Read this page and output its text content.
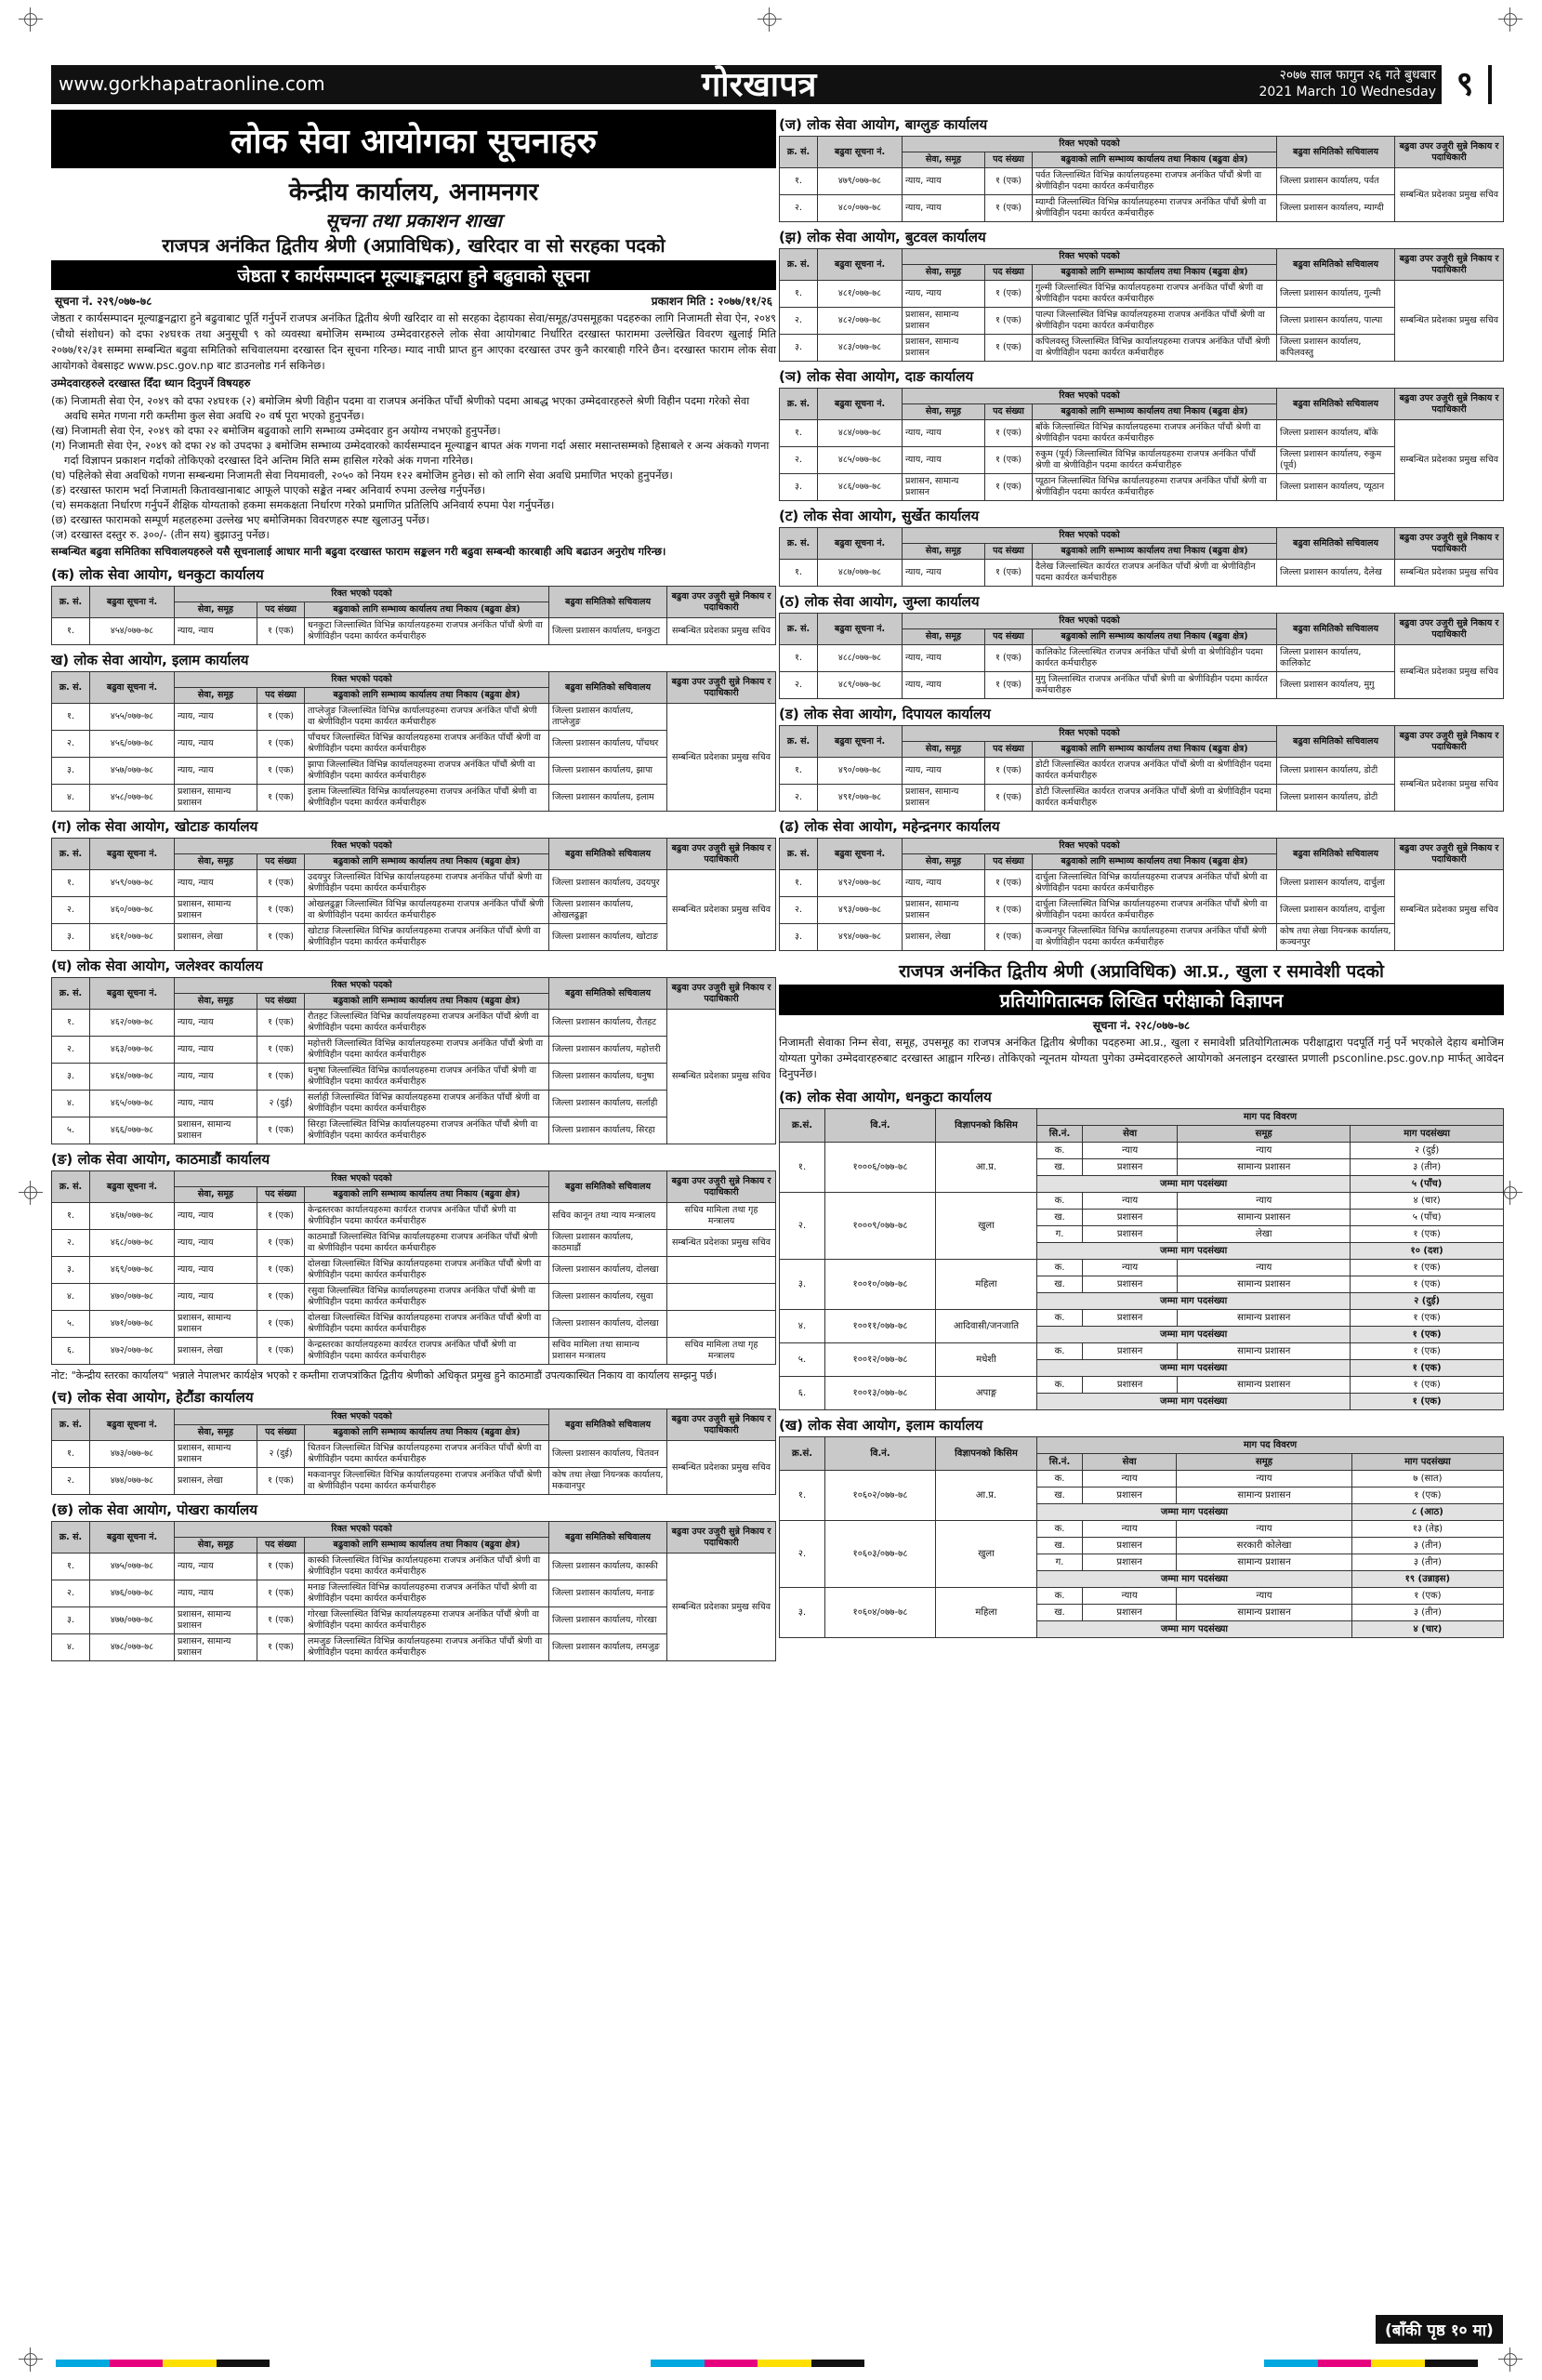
www.gorkhapatraonline.com	गोरखापत्र	२०७७ साल फागुन २६ गते बुधबार
2021 March 10 Wednesday ९
लोक सेवा आयोगका सूचनाहरु
केन्द्रीय कार्यालय, अनामनगर
सूचना तथा प्रकाशन शाखा
राजपत्र अनंकित द्वितीय श्रेणी (अप्राविधिक), खरिदार वा सो सरहका पदको
जेष्ठता र कार्यसम्पादन मूल्याङ्कनद्वारा हुने बढुवाको सूचना
सूचना नं. २२९/०७७-७८	प्रकाशन मिति : २०७७/११/२६
जेष्ठता र कार्यसम्पादन मूल्याङ्कनद्वारा हुने बढुवाबाट पूर्ति गर्नुपर्ने राजपत्र अनंकित द्वितीय श्रेणी खरिदार वा सो सरहका देहायका सेवा/समूह/उपसमूहका पदहरुका लागि निजामती सेवा ऐन, २०४९ (चौथो संशोधन) को दफा २४घ१क तथा अनुसूची ९ को व्यवस्था बमोजिम सम्भाव्य उम्मेदवारहरुले लोक सेवा आयोगबाट निर्धारित दरखास्त फाराममा उल्लेखित विवरण खुलाई मिति २०७७/१२/३१ सम्ममा सम्बन्धित बढुवा समितिको सचिवालयमा दरखास्त दिन सूचना गरिन्छ। म्याद नाघी प्राप्त हुन आएका दरखास्त उपर कुनै कारबाही गरिने छैन। दरखास्त फाराम लोक सेवा आयोगको वेबसाइट www.psc.gov.np बाट डाउनलोड गर्न सकिनेछ।
उम्मेदवारहरुले दरखास्त दिँदा ध्यान दिनुपर्ने विषयहरु
(क) निजामती सेवा ऐन, २०४९ को दफा २४घ१क (२) बमोजिम श्रेणी विहीन पदमा वा राजपत्र अनंकित पाँचौं श्रेणीको पदमा आबद्ध भएका उम्मेदवारहरुले श्रेणी विहीन पदमा गरेको सेवा अवधि समेत गणना गरी कम्तीमा कुल सेवा अवधि २० वर्ष पूरा भएको हुनुपर्नेछ।
(ख) निजामती सेवा ऐन, २०४९ को दफा २२ बमोजिम बढुवाको लागि सम्भाव्य उम्मेदवार हुन अयोग्य नभएको हुनुपर्नेछ।
(ग) निजामती सेवा ऐन, २०४९ को दफा २४ को उपदफा ३ बमोजिम सम्भाव्य उम्मेदवारको कार्यसम्पादन मूल्याङ्कन बापत अंक गणना गर्दा असार मसान्तसम्मको हिसाबले र अन्य अंकको गणना गर्दा विज्ञापन प्रकाशन गर्दाको तोकिएको दरखास्त दिने अन्तिम मिति सम्म हासिल गरेको अंक गणना गरिनेछ।
(घ) पहिलेको सेवा अवधिको गणना सम्बन्धमा निजामती सेवा नियमावली, २०५० को नियम १२२ बमोजिम हुनेछ। सो को लागि सेवा अवधि प्रमाणित भएको हुनुपर्नेछ।
(ङ) दरखास्त फाराम भर्दा निजामती कितावखानाबाट आफूले पाएको सङ्केत नम्बर अनिवार्य रुपमा उल्लेख गर्नुपर्नेछ।
(च) समकक्षता निर्धारण गर्नुपर्ने शैक्षिक योग्यताको हकमा समकक्षता निर्धारण गरेको प्रमाणित प्रतिलिपि अनिवार्य रुपमा पेश गर्नुपर्नेछ।
(छ) दरखास्त फारामको सम्पूर्ण महलहरुमा उल्लेख भए बमोजिमका विवरणहरु स्पष्ट खुलाउनु पर्नेछ।
(ज) दरखास्त दस्तुर रु. ३००/- (तीन सय) बुझाउनु पर्नेछ।
सम्बन्धित बढुवा समितिका सचिवालयहरुले यसै सूचनालाई आधार मानी बढुवा दरखास्त फाराम सङ्कलन गरी बढुवा सम्बन्धी कारबाही अघि बढाउन अनुरोध गरिन्छ।
(क) लोक सेवा आयोग, धनकुटा कार्यालय
क्र. सं.	बढुवा सूचना नं.	रिक्त भएको पदको			बढुवा समितिको सचिवालय	बढुवा उपर उजुरी सुन्ने निकाय र पदाधिकारी
		सेवा, समूह	पद संख्या	बढुवाको लागि सम्भाव्य कार्यालय तथा निकाय (बढुवा क्षेत्र)		
१.	४५४/०७७-७८	न्याय, न्याय	१ (एक)	धनकुटा जिल्लास्थित विभिन्न कार्यालयहरुमा राजपत्र अनंकित पाँचौं श्रेणी वा श्रेणीविहीन पदमा कार्यरत कर्मचारीहरु	जिल्ला प्रशासन कार्यालय, धनकुटा	सम्बन्धित प्रदेशका प्रमुख सचिव
ख) लोक सेवा आयोग, इलाम कार्यालय
क्र. सं.	बढुवा सूचना नं.	रिक्त भएको पदको			बढुवा समितिको सचिवालय	बढुवा उपर उजुरी सुन्ने निकाय र पदाधिकारी
		सेवा, समूह	पद संख्या	बढुवाको लागि सम्भाव्य कार्यालय तथा निकाय (बढुवा क्षेत्र)		
१.	४५५/०७७-७८	न्याय, न्याय	१ (एक)	ताप्लेजुङ जिल्लास्थित विभिन्न कार्यालयहरुमा राजपत्र अनंकित पाँचौं श्रेणी वा श्रेणीविहीन पदमा कार्यरत कर्मचारीहरु	जिल्ला प्रशासन कार्यालय, ताप्लेजुङ	सम्बन्धित प्रदेशका प्रमुख सचिव
२.	४५६/०७७-७८	न्याय, न्याय	१ (एक)	पाँचथर जिल्लास्थित विभिन्न कार्यालयहरुमा राजपत्र अनंकित पाँचौं श्रेणी वा श्रेणीविहीन पदमा कार्यरत कर्मचारीहरु	जिल्ला प्रशासन कार्यालय, पाँचथर	
३.	४५७/०७७-७८	न्याय, न्याय	१ (एक)	झापा जिल्लास्थित विभिन्न कार्यालयहरुमा राजपत्र अनंकित पाँचौं श्रेणी वा श्रेणीविहीन पदमा कार्यरत कर्मचारीहरु	जिल्ला प्रशासन कार्यालय, झापा	
४.	४५८/०७७-७८	प्रशासन, सामान्य प्रशासन	१ (एक)	इलाम जिल्लास्थित विभिन्न कार्यालयहरुमा राजपत्र अनंकित पाँचौं श्रेणी वा श्रेणीविहीन पदमा कार्यरत कर्मचारीहरु	जिल्ला प्रशासन कार्यालय, इलाम	
(ग) लोक सेवा आयोग, खोटाङ कार्यालय
क्र. सं.	बढुवा सूचना नं.	रिक्त भएको पदको			बढुवा समितिको सचिवालय	बढुवा उपर उजुरी सुन्ने निकाय र पदाधिकारी
		सेवा, समूह	पद संख्या	बढुवाको लागि सम्भाव्य कार्यालय तथा निकाय (बढुवा क्षेत्र)		
१.	४५९/०७७-७८	न्याय, न्याय	१ (एक)	उदयपुर जिल्लास्थित विभिन्न कार्यालयहरुमा राजपत्र अनंकित पाँचौं श्रेणी वा श्रेणीविहीन पदमा कार्यरत कर्मचारीहरु	जिल्ला प्रशासन कार्यालय, उदयपुर	सम्बन्धित प्रदेशका प्रमुख सचिव
२.	४६०/०७७-७८	प्रशासन, सामान्य प्रशासन	१ (एक)	ओखलढुङ्गा जिल्लास्थित विभिन्न कार्यालयहरुमा राजपत्र अनंकित पाँचौं श्रेणी वा श्रेणीविहीन पदमा कार्यरत कर्मचारीहरु	जिल्ला प्रशासन कार्यालय, ओखलढुङ्गा	
३.	४६१/०७७-७८	प्रशासन, लेखा	१ (एक)	खोटाङ जिल्लास्थित विभिन्न कार्यालयहरुमा राजपत्र अनंकित पाँचौं श्रेणी वा श्रेणीविहीन पदमा कार्यरत कर्मचारीहरु	जिल्ला प्रशासन कार्यालय, खोटाङ	
(घ) लोक सेवा आयोग, जलेश्वर कार्यालय
क्र. सं.	बढुवा सूचना नं.	रिक्त भएको पदको			बढुवा समितिको सचिवालय	बढुवा उपर उजुरी सुन्ने निकाय र पदाधिकारी
		सेवा, समूह	पद संख्या	बढुवाको लागि सम्भाव्य कार्यालय तथा निकाय (बढुवा क्षेत्र)		
१.	४६२/०७७-७८	न्याय, न्याय	१ (एक)	रौतहट जिल्लास्थित विभिन्न कार्यालयहरुमा राजपत्र अनंकित पाँचौं श्रेणी वा श्रेणीविहीन पदमा कार्यरत कर्मचारीहरु	जिल्ला प्रशासन कार्यालय, रौतहट	सम्बन्धित प्रदेशका प्रमुख सचिव
२.	४६३/०७७-७८	न्याय, न्याय	१ (एक)	महोत्तरी जिल्लास्थित विभिन्न कार्यालयहरुमा राजपत्र अनंकित पाँचौं श्रेणी वा श्रेणीविहीन पदमा कार्यरत कर्मचारीहरु	जिल्ला प्रशासन कार्यालय, महोत्तरी	
३.	४६४/०७७-७८	न्याय, न्याय	१ (एक)	धनुषा जिल्लास्थित विभिन्न कार्यालयहरुमा राजपत्र अनंकित पाँचौं श्रेणी वा श्रेणीविहीन पदमा कार्यरत कर्मचारीहरु	जिल्ला प्रशासन कार्यालय, धनुषा	
४.	४६५/०७७-७८	न्याय, न्याय	२ (दुई)	सर्लाही जिल्लास्थित विभिन्न कार्यालयहरुमा राजपत्र अनंकित पाँचौं श्रेणी वा श्रेणीविहीन पदमा कार्यरत कर्मचारीहरु	जिल्ला प्रशासन कार्यालय, सर्लाही	
५.	४६६/०७७-७८	प्रशासन, सामान्य प्रशासन	१ (एक)	सिरहा जिल्लास्थित विभिन्न कार्यालयहरुमा राजपत्र अनंकित पाँचौं श्रेणी वा श्रेणीविहीन पदमा कार्यरत कर्मचारीहरु	जिल्ला प्रशासन कार्यालय, सिरहा	
(ङ) लोक सेवा आयोग, काठमाडौं कार्यालय
क्र. सं.	बढुवा सूचना नं.	रिक्त भएको पदको			बढुवा समितिको सचिवालय	बढुवा उपर उजुरी सुन्ने निकाय र पदाधिकारी
		सेवा, समूह	पद संख्या	बढुवाको लागि सम्भाव्य कार्यालय तथा निकाय (बढुवा क्षेत्र)		
१.	४६७/०७७-७८	न्याय, न्याय	१ (एक)	केन्द्रस्तरका कार्यालयहरुमा कार्यरत राजपत्र अनंकित पाँचौं श्रेणी वा श्रेणीविहीन पदमा कार्यरत कर्मचारीहरु	सचिव कानून तथा न्याय मन्त्रालय	सचिव मामिला तथा गृह मन्त्रालय
२.	४६८/०७७-७८	न्याय, न्याय	१ (एक)	काठमाडौं जिल्लास्थित विभिन्न कार्यालयहरुमा राजपत्र अनंकित पाँचौं श्रेणी वा श्रेणीविहीन पदमा कार्यरत कर्मचारीहरु	जिल्ला प्रशासन कार्यालय, काठमाडौं	सम्बन्धित प्रदेशका प्रमुख सचिव
३.	४६९/०७७-७८	न्याय, न्याय	१ (एक)	दोलखा जिल्लास्थित विभिन्न कार्यालयहरुमा राजपत्र अनंकित पाँचौं श्रेणी वा श्रेणीविहीन पदमा कार्यरत कर्मचारीहरु	जिल्ला प्रशासन कार्यालय, दोलखा	
४.	४७०/०७७-७८	न्याय, न्याय	१ (एक)	रसुवा जिल्लास्थित विभिन्न कार्यालयहरुमा राजपत्र अनंकित पाँचौं श्रेणी वा श्रेणीविहीन पदमा कार्यरत कर्मचारीहरु	जिल्ला प्रशासन कार्यालय, रसुवा	
५.	४७१/०७७-७८	प्रशासन, सामान्य प्रशासन	१ (एक)	दोलखा जिल्लास्थित विभिन्न कार्यालयहरुमा राजपत्र अनंकित पाँचौं श्रेणी वा श्रेणीविहीन पदमा कार्यरत कर्मचारीहरु	जिल्ला प्रशासन कार्यालय, दोलखा	
६.	४७२/०७७-७८	प्रशासन, लेखा	१ (एक)	केन्द्रस्तरका कार्यालयहरुमा कार्यरत राजपत्र अनंकित पाँचौं श्रेणी वा श्रेणीविहीन पदमा कार्यरत कर्मचारीहरु	सचिव मामिला तथा सामान्य प्रशासन मन्त्रालय	सचिव मामिला तथा गृह मन्त्रालय
नोट: "केन्द्रीय स्तरका कार्यालय" भन्नाले नेपालभर कार्यक्षेत्र भएको र कम्तीमा राजपत्रांकित द्वितीय श्रेणीको अधिकृत प्रमुख हुने काठमाडौं उपत्यकास्थित निकाय वा कार्यालय सम्झनु पर्छ।
(च) लोक सेवा आयोग, हेटौंडा कार्यालय
क्र. सं.	बढुवा सूचना नं.	रिक्त भएको पदको			बढुवा समितिको सचिवालय	बढुवा उपर उजुरी सुन्ने निकाय र पदाधिकारी
		सेवा, समूह	पद संख्या	बढुवाको लागि सम्भाव्य कार्यालय तथा निकाय (बढुवा क्षेत्र)		
१.	४७३/०७७-७८	प्रशासन, सामान्य प्रशासन	२ (दुई)	चितवन जिल्लास्थित विभिन्न कार्यालयहरुमा राजपत्र अनंकित पाँचौं श्रेणी वा श्रेणीविहीन पदमा कार्यरत कर्मचारीहरु	जिल्ला प्रशासन कार्यालय, चितवन	सम्बन्धित प्रदेशका प्रमुख सचिव
२.	४७४/०७७-७८	प्रशासन, लेखा	१ (एक)	मकवानपुर जिल्लास्थित विभिन्न कार्यालयहरुमा राजपत्र अनंकित पाँचौं श्रेणी वा श्रेणीविहीन पदमा कार्यरत कर्मचारीहरु	कोष तथा लेखा नियन्त्रक कार्यालय, मकवानपुर	
(छ) लोक सेवा आयोग, पोखरा कार्यालय
क्र. सं.	बढुवा सूचना नं.	रिक्त भएको पदको			बढुवा समितिको सचिवालय	बढुवा उपर उजुरी सुन्ने निकाय र पदाधिकारी
		सेवा, समूह	पद संख्या	बढुवाको लागि सम्भाव्य कार्यालय तथा निकाय (बढुवा क्षेत्र)		
१.	४७५/०७७-७८	न्याय, न्याय	१ (एक)	कास्की जिल्लास्थित विभिन्न कार्यालयहरुमा राजपत्र अनंकित पाँचौं श्रेणी वा श्रेणीविहीन पदमा कार्यरत कर्मचारीहरु	जिल्ला प्रशासन कार्यालय, कास्की	सम्बन्धित प्रदेशका प्रमुख सचिव
२.	४७६/०७७-७८	न्याय, न्याय	१ (एक)	मनाङ जिल्लास्थित विभिन्न कार्यालयहरुमा राजपत्र अनंकित पाँचौं श्रेणी वा श्रेणीविहीन पदमा कार्यरत कर्मचारीहरु	जिल्ला प्रशासन कार्यालय, मनाङ	
३.	४७७/०७७-७८	प्रशासन, सामान्य प्रशासन	१ (एक)	गोरखा जिल्लास्थित विभिन्न कार्यालयहरुमा राजपत्र अनंकित पाँचौं श्रेणी वा श्रेणीविहीन पदमा कार्यरत कर्मचारीहरु	जिल्ला प्रशासन कार्यालय, गोरखा	
४.	४७८/०७७-७८	प्रशासन, सामान्य प्रशासन	१ (एक)	लमजुङ जिल्लास्थित विभिन्न कार्यालयहरुमा राजपत्र अनंकित पाँचौं श्रेणी वा श्रेणीविहीन पदमा कार्यरत कर्मचारीहरु	जिल्ला प्रशासन कार्यालय, लमजुङ	
(ज) लोक सेवा आयोग, बाग्लुङ कार्यालय
क्र. सं.	बढुवा सूचना नं.	रिक्त भएको पदको			बढुवा समितिको सचिवालय	बढुवा उपर उजुरी सुन्ने निकाय र पदाधिकारी
		सेवा, समूह	पद संख्या	बढुवाको लागि सम्भाव्य कार्यालय तथा निकाय (बढुवा क्षेत्र)		
१.	४७९/०७७-७८	न्याय, न्याय	१ (एक)	पर्वत जिल्लास्थित विभिन्न कार्यालयहरुमा राजपत्र अनंकित पाँचौं श्रेणी वा श्रेणीविहीन पदमा कार्यरत कर्मचारीहरु	जिल्ला प्रशासन कार्यालय, पर्वत	सम्बन्धित प्रदेशका प्रमुख सचिव
२.	४८०/०७७-७८	न्याय, न्याय	१ (एक)	म्याग्दी जिल्लास्थित विभिन्न कार्यालयहरुमा राजपत्र अनंकित पाँचौं श्रेणी वा श्रेणीविहीन पदमा कार्यरत कर्मचारीहरु	जिल्ला प्रशासन कार्यालय, म्याग्दी	
(झ) लोक सेवा आयोग, बुटवल कार्यालय
क्र. सं.	बढुवा सूचना नं.	रिक्त भएको पदको			बढुवा समितिको सचिवालय	बढुवा उपर उजुरी सुन्ने निकाय र पदाधिकारी
		सेवा, समूह	पद संख्या	बढुवाको लागि सम्भाव्य कार्यालय तथा निकाय (बढुवा क्षेत्र)		
१.	४८१/०७७-७८	न्याय, न्याय	१ (एक)	गुल्मी जिल्लास्थित विभिन्न कार्यालयहरुमा राजपत्र अनंकित पाँचौं श्रेणी वा श्रेणीविहीन पदमा कार्यरत कर्मचारीहरु	जिल्ला प्रशासन कार्यालय, गुल्मी	सम्बन्धित प्रदेशका प्रमुख सचिव
२.	४८२/०७७-७८	प्रशासन, सामान्य प्रशासन	१ (एक)	पाल्पा जिल्लास्थित विभिन्न कार्यालयहरुमा राजपत्र अनंकित पाँचौं श्रेणी वा श्रेणीविहीन पदमा कार्यरत कर्मचारीहरु	जिल्ला प्रशासन कार्यालय, पाल्पा	
३.	४८३/०७७-७८	प्रशासन, सामान्य प्रशासन	१ (एक)	कपिलवस्तु जिल्लास्थित विभिन्न कार्यालयहरुमा राजपत्र अनंकित पाँचौं श्रेणी वा श्रेणीविहीन पदमा कार्यरत कर्मचारीहरु	जिल्ला प्रशासन कार्यालय, कपिलवस्तु	
(ञ) लोक सेवा आयोग, दाङ कार्यालय
क्र. सं.	बढुवा सूचना नं.	रिक्त भएको पदको			बढुवा समितिको सचिवालय	बढुवा उपर उजुरी सुन्ने निकाय र पदाधिकारी
		सेवा, समूह	पद संख्या	बढुवाको लागि सम्भाव्य कार्यालय तथा निकाय (बढुवा क्षेत्र)		
१.	४८४/०७७-७८	न्याय, न्याय	१ (एक)	बाँके जिल्लास्थित विभिन्न कार्यालयहरुमा राजपत्र अनंकित पाँचौं श्रेणी वा श्रेणीविहीन पदमा कार्यरत कर्मचारीहरु	जिल्ला प्रशासन कार्यालय, बाँके	सम्बन्धित प्रदेशका प्रमुख सचिव
२.	४८५/०७७-७८	न्याय, न्याय	१ (एक)	रुकुम (पूर्व) जिल्लास्थित विभिन्न कार्यालयहरुमा राजपत्र अनंकित पाँचौं श्रेणी वा श्रेणीविहीन पदमा कार्यरत कर्मचारीहरु	जिल्ला प्रशासन कार्यालय, रुकुम (पूर्व)	
३.	४८६/०७७-७८	प्रशासन, सामान्य प्रशासन	१ (एक)	प्यूठान जिल्लास्थित विभिन्न कार्यालयहरुमा राजपत्र अनंकित पाँचौं श्रेणी वा श्रेणीविहीन पदमा कार्यरत कर्मचारीहरु	जिल्ला प्रशासन कार्यालय, प्यूठान	
(ट) लोक सेवा आयोग, सुर्खेत कार्यालय
क्र. सं.	बढुवा सूचना नं.	रिक्त भएको पदको			बढुवा समितिको सचिवालय	बढुवा उपर उजुरी सुन्ने निकाय र पदाधिकारी
		सेवा, समूह	पद संख्या	बढुवाको लागि सम्भाव्य कार्यालय तथा निकाय (बढुवा क्षेत्र)		
१.	४८७/०७७-७८	न्याय, न्याय	१ (एक)	दैलेख जिल्लास्थित कार्यरत राजपत्र अनंकित पाँचौं श्रेणी वा श्रेणीविहीन पदमा कार्यरत कर्मचारीहरु	जिल्ला प्रशासन कार्यालय, दैलेख	सम्बन्धित प्रदेशका प्रमुख सचिव
(ठ) लोक सेवा आयोग, जुम्ला कार्यालय
क्र. सं.	बढुवा सूचना नं.	रिक्त भएको पदको			बढुवा समितिको सचिवालय	बढुवा उपर उजुरी सुन्ने निकाय र पदाधिकारी
		सेवा, समूह	पद संख्या	बढुवाको लागि सम्भाव्य कार्यालय तथा निकाय (बढुवा क्षेत्र)		
१.	४८८/०७७-७८	न्याय, न्याय	१ (एक)	कालिकोट जिल्लास्थित राजपत्र अनंकित पाँचौं श्रेणी वा श्रेणीविहीन पदमा कार्यरत कर्मचारीहरु	जिल्ला प्रशासन कार्यालय, कालिकोट	सम्बन्धित प्रदेशका प्रमुख सचिव
२.	४८९/०७७-७८	न्याय, न्याय	१ (एक)	मुगु जिल्लास्थित राजपत्र अनंकित पाँचौं श्रेणी वा श्रेणीविहीन पदमा कार्यरत कर्मचारीहरु	जिल्ला प्रशासन कार्यालय, मुगु	
(ड) लोक सेवा आयोग, दिपायल कार्यालय
क्र. सं.	बढुवा सूचना नं.	रिक्त भएको पदको			बढुवा समितिको सचिवालय	बढुवा उपर उजुरी सुन्ने निकाय र पदाधिकारी
		सेवा, समूह	पद संख्या	बढुवाको लागि सम्भाव्य कार्यालय तथा निकाय (बढुवा क्षेत्र)		
१.	४९०/०७७-७८	न्याय, न्याय	१ (एक)	डोटी जिल्लास्थित कार्यरत राजपत्र अनंकित पाँचौं श्रेणी वा श्रेणीविहीन पदमा कार्यरत कर्मचारीहरु	जिल्ला प्रशासन कार्यालय, डोटी	सम्बन्धित प्रदेशका प्रमुख सचिव
२.	४९१/०७७-७८	प्रशासन, सामान्य प्रशासन	१ (एक)	डोटी जिल्लास्थित कार्यरत राजपत्र अनंकित पाँचौं श्रेणी वा श्रेणीविहीन पदमा कार्यरत कर्मचारीहरु	जिल्ला प्रशासन कार्यालय, डोटी	
(ढ) लोक सेवा आयोग, महेन्द्रनगर कार्यालय
क्र. सं.	बढुवा सूचना नं.	रिक्त भएको पदको			बढुवा समितिको सचिवालय	बढुवा उपर उजुरी सुन्ने निकाय र पदाधिकारी
		सेवा, समूह	पद संख्या	बढुवाको लागि सम्भाव्य कार्यालय तथा निकाय (बढुवा क्षेत्र)		
१.	४९२/०७७-७८	न्याय, न्याय	१ (एक)	दार्चुला जिल्लास्थित विभिन्न कार्यालयहरुमा राजपत्र अनंकित पाँचौं श्रेणी वा श्रेणीविहीन पदमा कार्यरत कर्मचारीहरु	जिल्ला प्रशासन कार्यालय, दार्चुला	सम्बन्धित प्रदेशका प्रमुख सचिव
२.	४९३/०७७-७८	प्रशासन, सामान्य प्रशासन	१ (एक)	दार्चुला जिल्लास्थित विभिन्न कार्यालयहरुमा राजपत्र अनंकित पाँचौं श्रेणी वा श्रेणीविहीन पदमा कार्यरत कर्मचारीहरु	जिल्ला प्रशासन कार्यालय, दार्चुला	
३.	४९४/०७७-७८	प्रशासन, लेखा	१ (एक)	कञ्चनपुर जिल्लास्थित विभिन्न कार्यालयहरुमा राजपत्र अनंकित पाँचौं श्रेणी वा श्रेणीविहीन पदमा कार्यरत कर्मचारीहरु	कोष तथा लेखा नियन्त्रक कार्यालय, कञ्चनपुर	
राजपत्र अनंकित द्वितीय श्रेणी (अप्राविधिक) आ.प्र., खुला र समावेशी पदको
प्रतियोगितात्मक लिखित परीक्षाको विज्ञापन
सूचना नं. २२८/०७७-७८
निजामती सेवाका निम्न सेवा, समूह, उपसमूह का राजपत्र अनंकित द्वितीय श्रेणीका पदहरुमा आ.प्र., खुला र समावेशी प्रतियोगितात्मक परीक्षाद्वारा पदपूर्ति गर्नु पर्ने भएकोले देहाय बमोजिम योग्यता पुगेका उम्मेदवारहरुबाट दरखास्त आह्वान गरिन्छ। तोकिएको न्यूनतम योग्यता पुगेका उम्मेदवारहरुले आयोगको अनलाइन दरखास्त प्रणाली psconline.psc.gov.np मार्फत् आवेदन दिनुपर्नेछ।
(क) लोक सेवा आयोग, धनकुटा कार्यालय
क्र.सं.	वि.नं.	विज्ञापनको किसिम	माग पद विवरण			
			सि.नं.	सेवा	समूह	माग पदसंख्या
१.	१०००६/०७७-७८	आ.प्र.	क.	न्याय	न्याय	२ (दुई)
			ख.	प्रशासन	सामान्य प्रशासन	३ (तीन)
			जम्मा माग पदसंख्या			५ (पाँच)
२.	१०००९/०७७-७८	खुला	क.	न्याय	न्याय	४ (चार)
			ख.	प्रशासन	सामान्य प्रशासन	५ (पाँच)
			ग.	प्रशासन	लेखा	१ (एक)
			जम्मा माग पदसंख्या			१० (दश)
३.	१००१०/०७७-७८	महिला	क.	न्याय	न्याय	१ (एक)
			ख.	प्रशासन	सामान्य प्रशासन	१ (एक)
			जम्मा माग पदसंख्या			२ (दुई)
४.	१००११/०७७-७८	आदिवासी/जनजाति	क.	प्रशासन	सामान्य प्रशासन	१ (एक)
			जम्मा माग पदसंख्या			१ (एक)
५.	१००१२/०७७-७८	मधेशी	क.	प्रशासन	सामान्य प्रशासन	१ (एक)
			जम्मा माग पदसंख्या			१ (एक)
६.	१००१३/०७७-७८	अपाङ्ग	क.	प्रशासन	सामान्य प्रशासन	१ (एक)
			जम्मा माग पदसंख्या			१ (एक)
(ख) लोक सेवा आयोग, इलाम कार्यालय
क्र.सं.	वि.नं.	विज्ञापनको किसिम	माग पद विवरण			
			सि.नं.	सेवा	समूह	माग पदसंख्या
१.	१०६०२/०७७-७८	आ.प्र.	क.	न्याय	न्याय	७ (सात)
			ख.	प्रशासन	सामान्य प्रशासन	१ (एक)
			जम्मा माग पदसंख्या			८ (आठ)
२.	१०६०३/०७७-७८	खुला	क.	न्याय	न्याय	१३ (तेह्र)
			ख.	प्रशासन	सरकारी कोलेखा	३ (तीन)
			ग.	प्रशासन	सामान्य प्रशासन	३ (तीन)
			जम्मा माग पदसंख्या			१९ (उन्नाइस)
३.	१०६०४/०७७-७८	महिला	क.	न्याय	न्याय	१ (एक)
			ख.	प्रशासन	सामान्य प्रशासन	३ (तीन)
			जम्मा माग पदसंख्या			४ (चार)
(बाँकी पृष्ठ १० मा)
